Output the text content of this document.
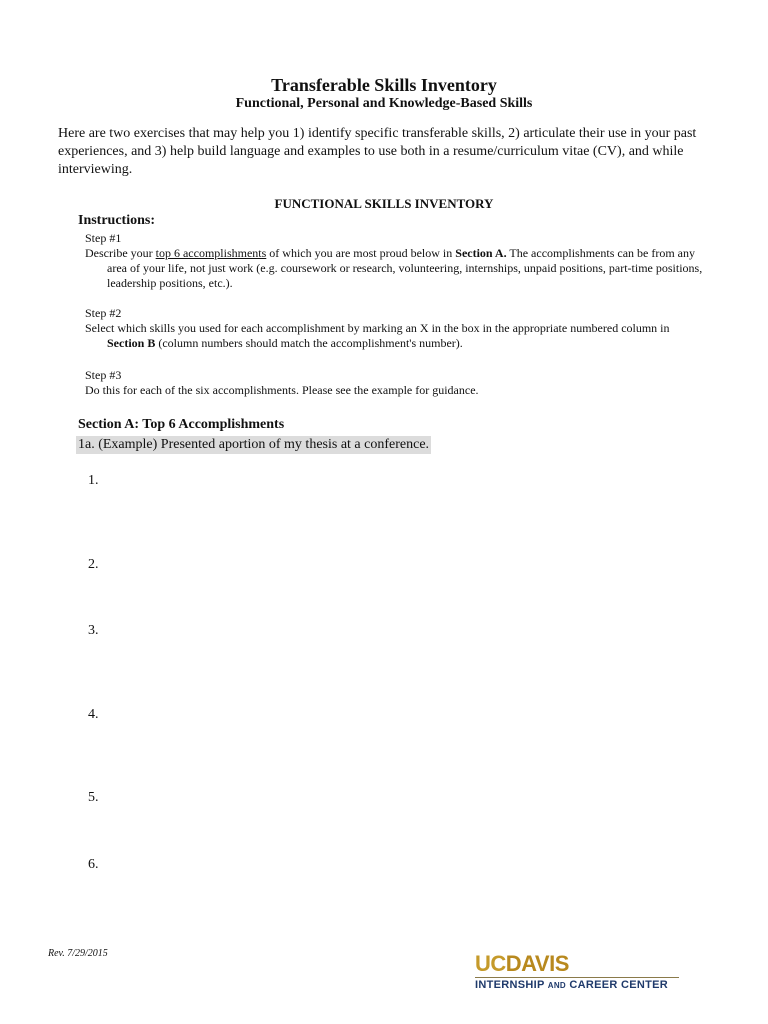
Transferable Skills Inventory
Functional, Personal and Knowledge-Based Skills
Here are two exercises that may help you 1) identify specific transferable skills, 2) articulate their use in your past experiences, and 3) help build language and examples to use both in a resume/curriculum vitae (CV), and while interviewing.
FUNCTIONAL SKILLS INVENTORY
Instructions:
Step #1
Describe your top 6 accomplishments of which you are most proud below in Section A. The accomplishments can be from any area of your life, not just work (e.g. coursework or research, volunteering, internships, unpaid positions, part-time positions, leadership positions, etc.).
Step #2
Select which skills you used for each accomplishment by marking an X in the box in the appropriate numbered column in Section B (column numbers should match the accomplishment's number).
Step #3
Do this for each of the six accomplishments. Please see the example for guidance.
Section A: Top 6 Accomplishments
1a. (Example) Presented aportion of my thesis at a conference.
1.
2.
3.
4.
5.
6.
Rev. 7/29/2015	UCDAVIS
INTERNSHIP AND CAREER CENTER
